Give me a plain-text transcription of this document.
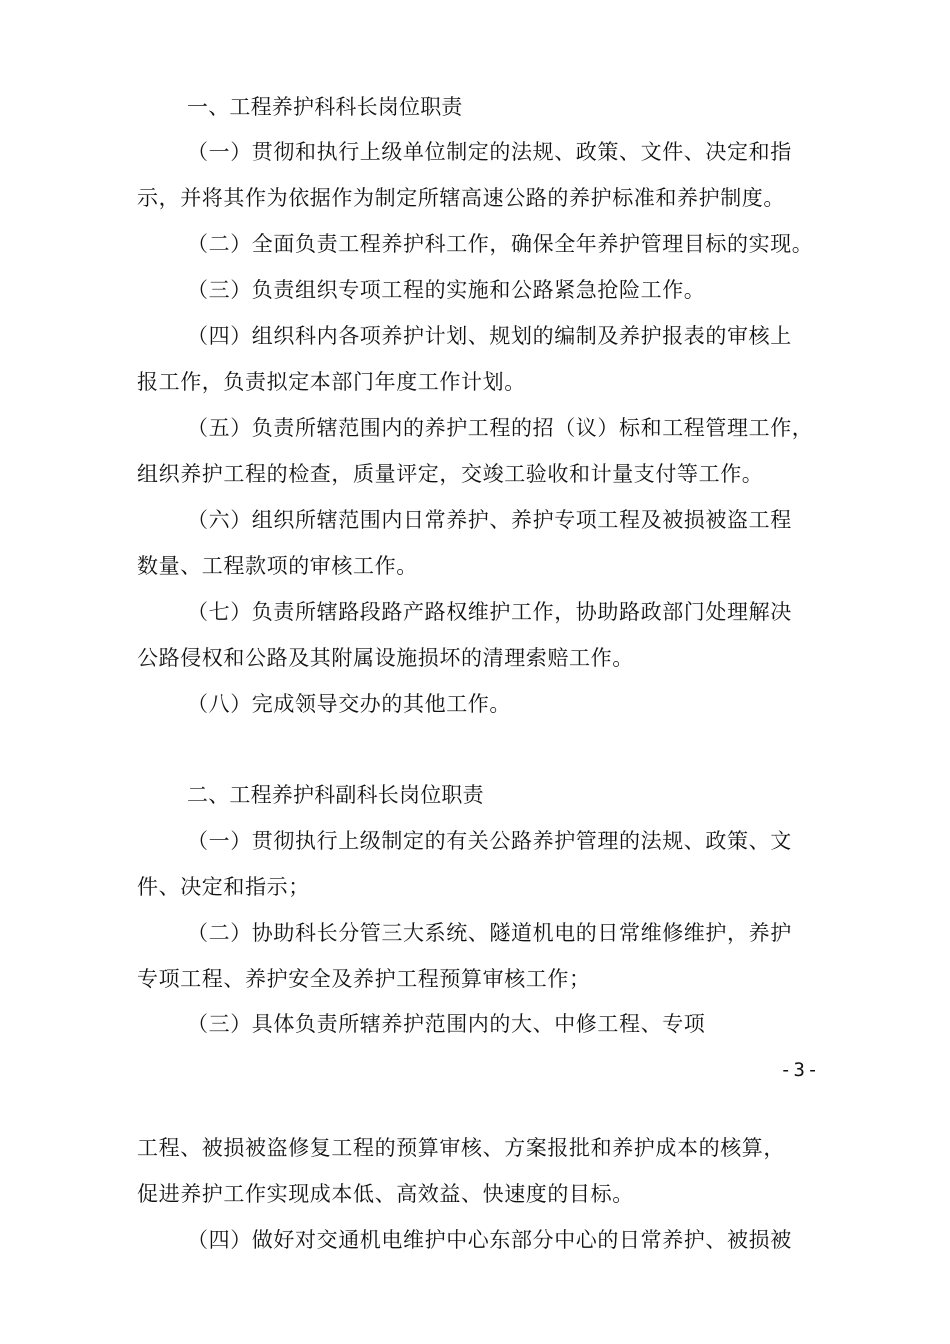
一、工程养护科科长岗位职责
（一）贯彻和执行上级单位制定的法规、政策、文件、决定和指
示，并将其作为依据作为制定所辖高速公路的养护标准和养护制度。
（二）全面负责工程养护科工作，确保全年养护管理目标的实现。
（三）负责组织专项工程的实施和公路紧急抢险工作。
（四）组织科内各项养护计划、规划的编制及养护报表的审核上
报工作，负责拟定本部门年度工作计划。
（五）负责所辖范围内的养护工程的招（议）标和工程管理工作，
组织养护工程的检查，质量评定，交竣工验收和计量支付等工作。
（六）组织所辖范围内日常养护、养护专项工程及被损被盗工程
数量、工程款项的审核工作。
（七）负责所辖路段路产路权维护工作，协助路政部门处理解决
公路侵权和公路及其附属设施损坏的清理索赔工作。
（八）完成领导交办的其他工作。
二、工程养护科副科长岗位职责
（一）贯彻执行上级制定的有关公路养护管理的法规、政策、文
件、决定和指示；
（二）协助科长分管三大系统、隧道机电的日常维修维护，养护
专项工程、养护安全及养护工程预算审核工作；
（三）具体负责所辖养护范围内的大、中修工程、专项
-3-
工程、被损被盗修复工程的预算审核、方案报批和养护成本的核算，
促进养护工作实现成本低、高效益、快速度的目标。
（四）做好对交通机电维护中心东部分中心的日常养护、被损被
